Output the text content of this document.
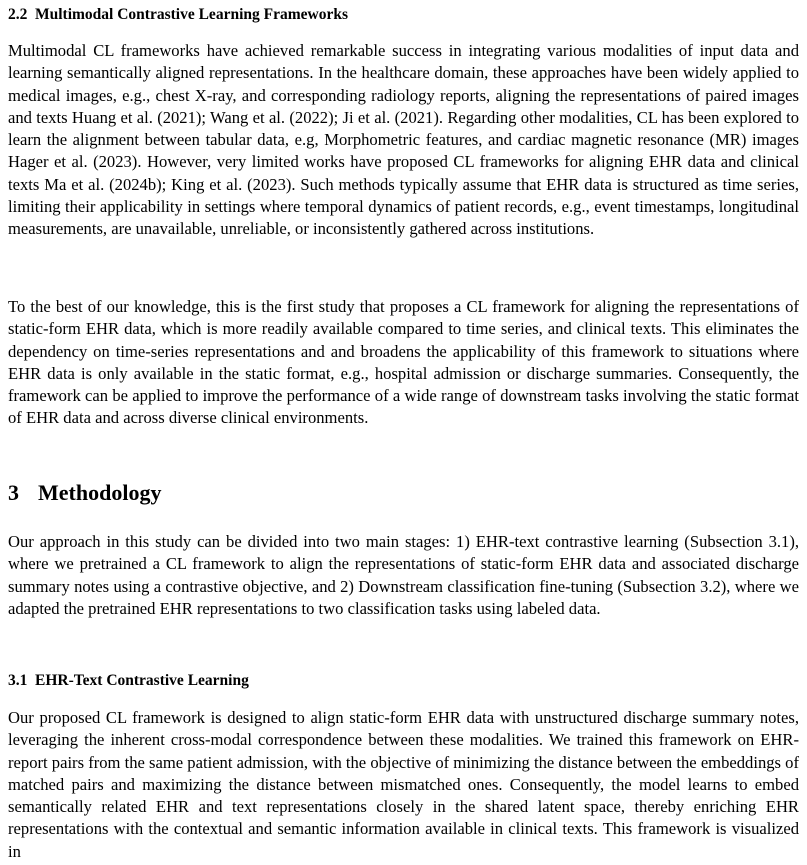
2.2 Multimodal Contrastive Learning Frameworks

Multimodal CL frameworks have achieved remarkable success in integrating various modalities of input data and learning semantically aligned representations. In the healthcare domain, these approaches have been widely applied to medical images, e.g., chest X-ray, and corresponding radiology reports, aligning the representations of paired images and texts Huang et al. (2021); Wang et al. (2022); Ji et al. (2021). Regarding other modalities, CL has been explored to learn the alignment between tabular data, e.g, Morphometric features, and cardiac magnetic resonance (MR) images Hager et al. (2023). However, very limited works have proposed CL frameworks for aligning EHR data and clinical texts Ma et al. (2024b); King et al. (2023). Such methods typically assume that EHR data is structured as time series, limiting their applicability in settings where temporal dynamics of patient records, e.g., event timestamps, longitudinal measurements, are unavailable, unreliable, or inconsistently gathered across institutions.

To the best of our knowledge, this is the first study that proposes a CL framework for aligning the representations of static-form EHR data, which is more readily available compared to time series, and clinical texts. This eliminates the dependency on time-series representations and and broadens the applicability of this framework to situations where EHR data is only available in the static format, e.g., hospital admission or discharge summaries. Consequently, the framework can be applied to improve the performance of a wide range of downstream tasks involving the static format of EHR data and across diverse clinical environments.

3 Methodology

Our approach in this study can be divided into two main stages: 1) EHR-text contrastive learning (Subsection 3.1), where we pretrained a CL framework to align the representations of static-form EHR data and associated discharge summary notes using a contrastive objective, and 2) Downstream classification fine-tuning (Subsection 3.2), where we adapted the pretrained EHR representations to two classification tasks using labeled data.

3.1 EHR-Text Contrastive Learning

Our proposed CL framework is designed to align static-form EHR data with unstructured discharge summary notes, leveraging the inherent cross-modal correspondence between these modalities. We trained this framework on EHR-report pairs from the same patient admission, with the objective of minimizing the distance between the embeddings of matched pairs and maximizing the distance between mismatched ones. Consequently, the model learns to embed semantically related EHR and text representations closely in the shared latent space, thereby enriching EHR representations with the contextual and semantic information available in clinical texts. This framework is visualized in
